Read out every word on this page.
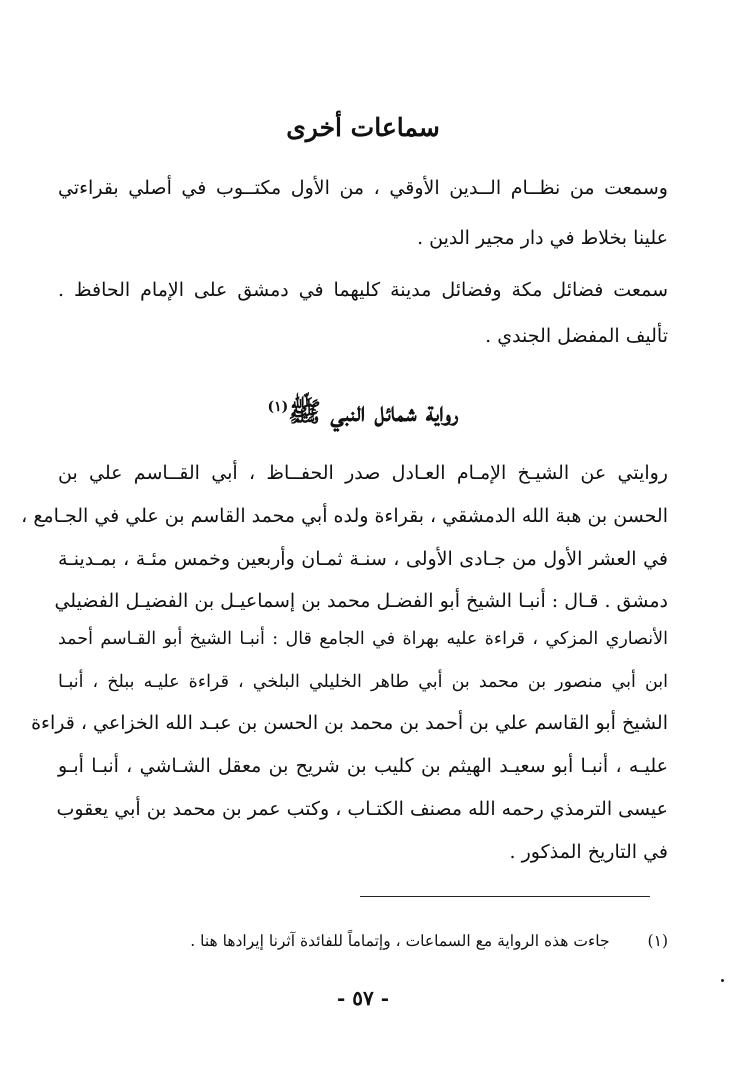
سماعات أخرى

وسمعت من نظــام الــدين الأوقي ، من الأول مكتــوب في أصلي بقراءتي

علينا بخلاط في دار مجير الدين .

سمعت فضائل مكة وفضائل مدينة كليهما في دمشق على الإمام الحافظ .

تأليف المفضل الجندي .

رواية شمائل النبي ﷺ$^{(١)}$

روايتي عن الشيـخ الإمـام العـادل صدر الحفــاظ ، أبي القــاسم علي بن

الحسن بن هبة الله الدمشقي ، بقراءة ولده أبي محمد القاسم بن علي في الجـامع ،

في العشر الأول من جـادى الأولى ، سنـة ثمـان وأربعين وخمس مئـة ، بمـدينـة

دمشق . قـال : أنبـا الشيخ أبو الفضـل محمد بن إسماعيـل بن الفضيـل الفضيلي

الأنصاري المزكي ، قراءة عليه بهراة في الجامع قال : أنبـا الشيخ أبو القـاسم أحمد

ابن أبي منصور بن محمد بن أبي طاهر الخليلي البلخي ، قراءة عليـه ببلخ ، أنبـا

الشيخ أبو القاسم علي بن أحمد بن محمد بن الحسن بن عبـد الله الخزاعي ، قراءة

عليـه ، أنبـا أبو سعيـد الهيثم بن كليب بن شريح بن معقل الشـاشي ، أنبـا أبـو

عيسى الترمذي رحمه الله مصنف الكتـاب ، وكتب عمر بن محمد بن أبي يعقوب

في التاريخ المذكور .

(١)جاءت هذه الرواية مع السماعات ، وإتماماً للفائدة آثرنا إيرادها هنا .
- ٥٧ -
